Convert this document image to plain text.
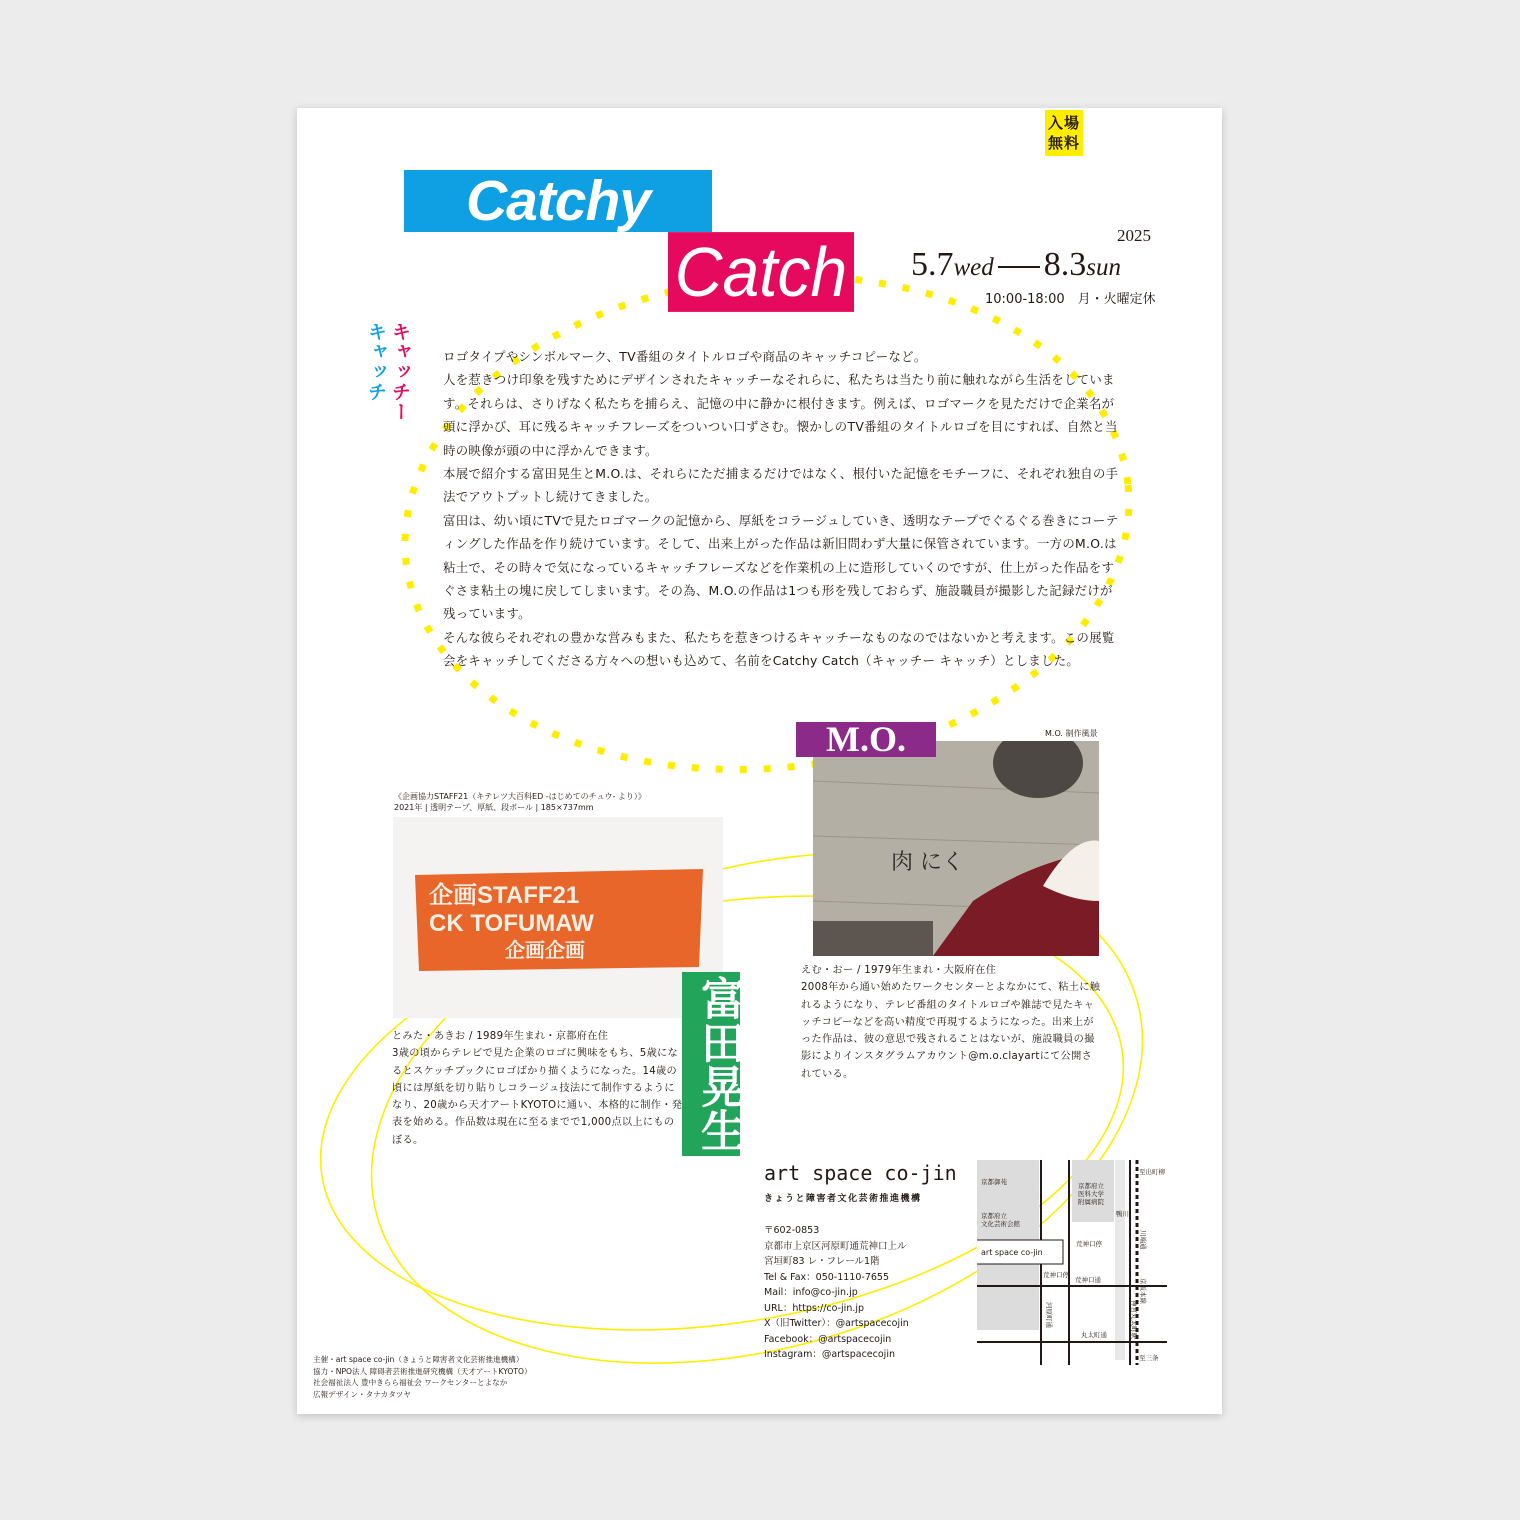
入場
無料
Catchy
Catch	2025
5.7wed 8.3sun
10:00-18:00　月・火曜定休
キャッチー
キャッチ	ロゴタイプやシンボルマーク、TV番組のタイトルロゴや商品のキャッチコピーなど。

人を惹きつけ印象を残すためにデザインされたキャッチーなそれらに、私たちは当たり前に触れながら生活をしています。それらは、さりげなく私たちを捕らえ、記憶の中に静かに根付きます。例えば、ロゴマークを見ただけで企業名が頭に浮かび、耳に残るキャッチフレーズをついつい口ずさむ。懐かしのTV番組のタイトルロゴを目にすれば、自然と当時の映像が頭の中に浮かんできます。

本展で紹介する富田晃生とM.O.は、それらにただ捕まるだけではなく、根付いた記憶をモチーフに、それぞれ独自の手法でアウトプットし続けてきました。

富田は、幼い頃にTVで見たロゴマークの記憶から、厚紙をコラージュしていき、透明なテープでぐるぐる巻きにコーティングした作品を作り続けています。そして、出来上がった作品は新旧問わず大量に保管されています。一方のM.O.は粘土で、その時々で気になっているキャッチフレーズなどを作業机の上に造形していくのですが、仕上がった作品をすぐさま粘土の塊に戻してしまいます。その為、M.O.の作品は1つも形を残しておらず、施設職員が撮影した記録だけが残っています。

そんな彼らそれぞれの豊かな営みもまた、私たちを惹きつけるキャッチーなものなのではないかと考えます。この展覧会をキャッチしてくださる方々への想いも込めて、名前をCatchy Catch（キャッチー キャッチ）としました。

肉 にく
M.O.	M.O. 制作風景
《企画協力STAFF21（キテレツ大百科ED -はじめてのチュウ- より）》
2021年 | 透明テープ、厚紙、段ボール | 185×737mm
企画STAFF21
CK TOFUMAW
企画企画
富田晃生

とみた・あきお / 1989年生まれ・京都府在住

3歳の頃からテレビで見た企業のロゴに興味をもち、5歳になるとスケッチブックにロゴばかり描くようになった。14歳の頃には厚紙を切り貼りしコラージュ技法にて制作するようになり、20歳から天才アートKYOTOに通い、本格的に制作・発表を始める。作品数は現在に至るまでで1,000点以上にものぼる。

えむ・おー / 1979年生まれ・大阪府在住

2008年から通い始めたワークセンターとよなかにて、粘土に触れるようになり、テレビ番組のタイトルロゴや雑誌で見たキャッチコピーなどを高い精度で再現するようになった。出来上がった作品は、彼の意思で残されることはないが、施設職員の撮影によりインスタグラムアカウント@m.o.clayartにて公開されている。

art space co-jin
きょうと障害者文化芸術推進機構

〒602-0853

京都市上京区河原町通荒神口上ル

宮垣町83 レ・フレール1階

Tel & Fax：050-1110-7655

Mail：info@co-jin.jp

URL：https://co-jin.jp

X（旧Twitter）：@artspacecojin

Facebook：@artspacecojin

Instagram：@artspacecojin

京都御苑
京都府立
文化芸術会館
京都府立
医科大学
附属病院
art space co-jin
荒神口停
荒神口停
荒神口通
丸太町通
鴨川
至出町柳
至三条
河原町通
川端通
京阪本線
神宮丸太町駅

主催・art space co-jin（きょうと障害者文化芸術推進機構）

協力・NPO法人 障碍者芸術推進研究機構（天才アートKYOTO）

社会福祉法人 豊中きらら福祉会 ワークセンターとよなか

広報デザイン・タナカタツヤ
